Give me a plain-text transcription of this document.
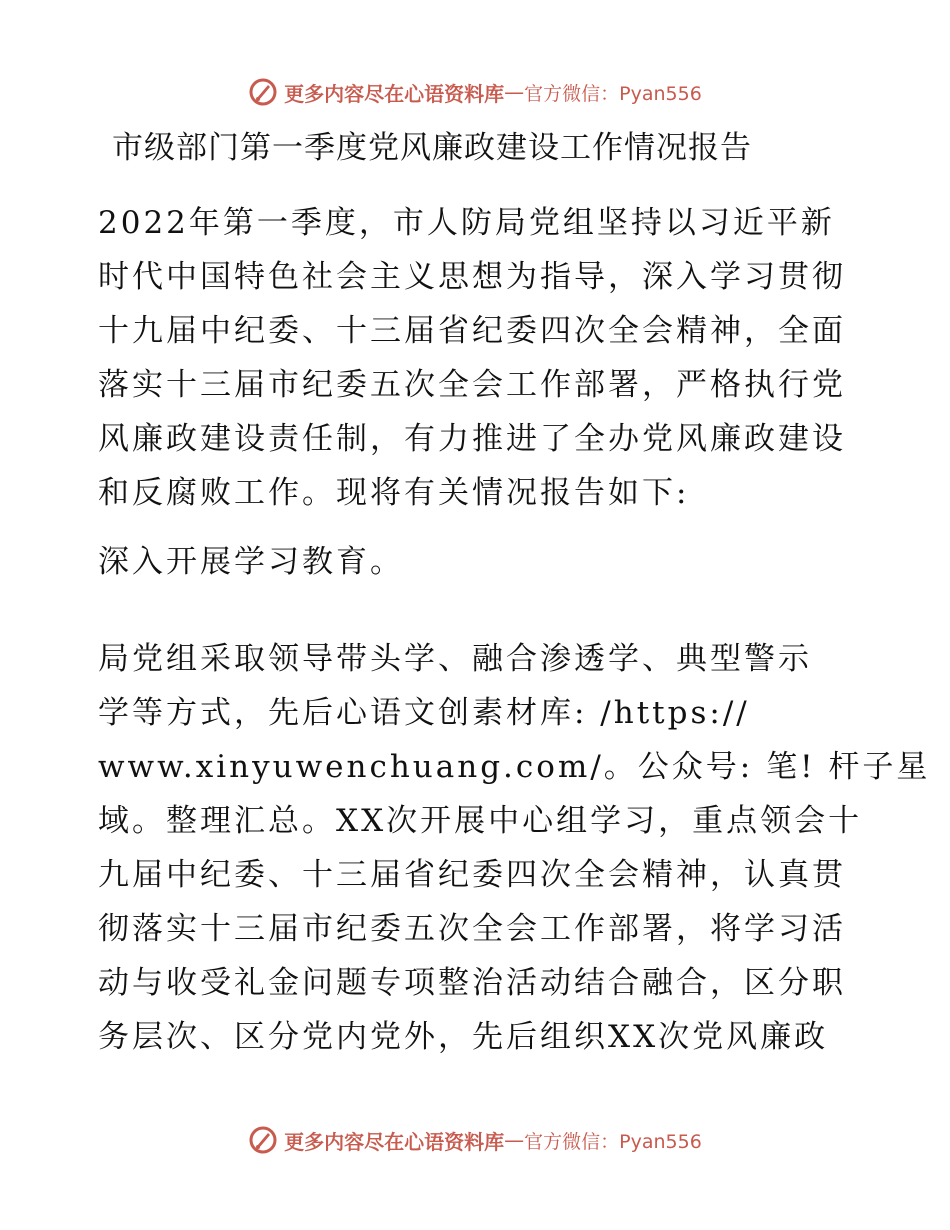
更多内容尽在心语资料库 — 官方微信：Pyan556
市级部门第一季度党风廉政建设工作情况报告
2022年第一季度，市人防局党组坚持以习近平新
时代中国特色社会主义思想为指导，深入学习贯彻
十九届中纪委、十三届省纪委四次全会精神，全面
落实十三届市纪委五次全会工作部署，严格执行党
风廉政建设责任制，有力推进了全办党风廉政建设
和反腐败工作。现将有关情况报告如下:
深入开展学习教育。
局党组采取领导带头学、融合渗透学、典型警示
学等方式，先后心语文创素材库: /https://
www.xinyuwenchuang.com/。公众号: 笔! 杆子星
域。整理汇总。XX次开展中心组学习，重点领会十
九届中纪委、十三届省纪委四次全会精神，认真贯
彻落实十三届市纪委五次全会工作部署，将学习活
动与收受礼金问题专项整治活动结合融合，区分职
务层次、区分党内党外，先后组织XX次党风廉政
更多内容尽在心语资料库 — 官方微信：Pyan556
